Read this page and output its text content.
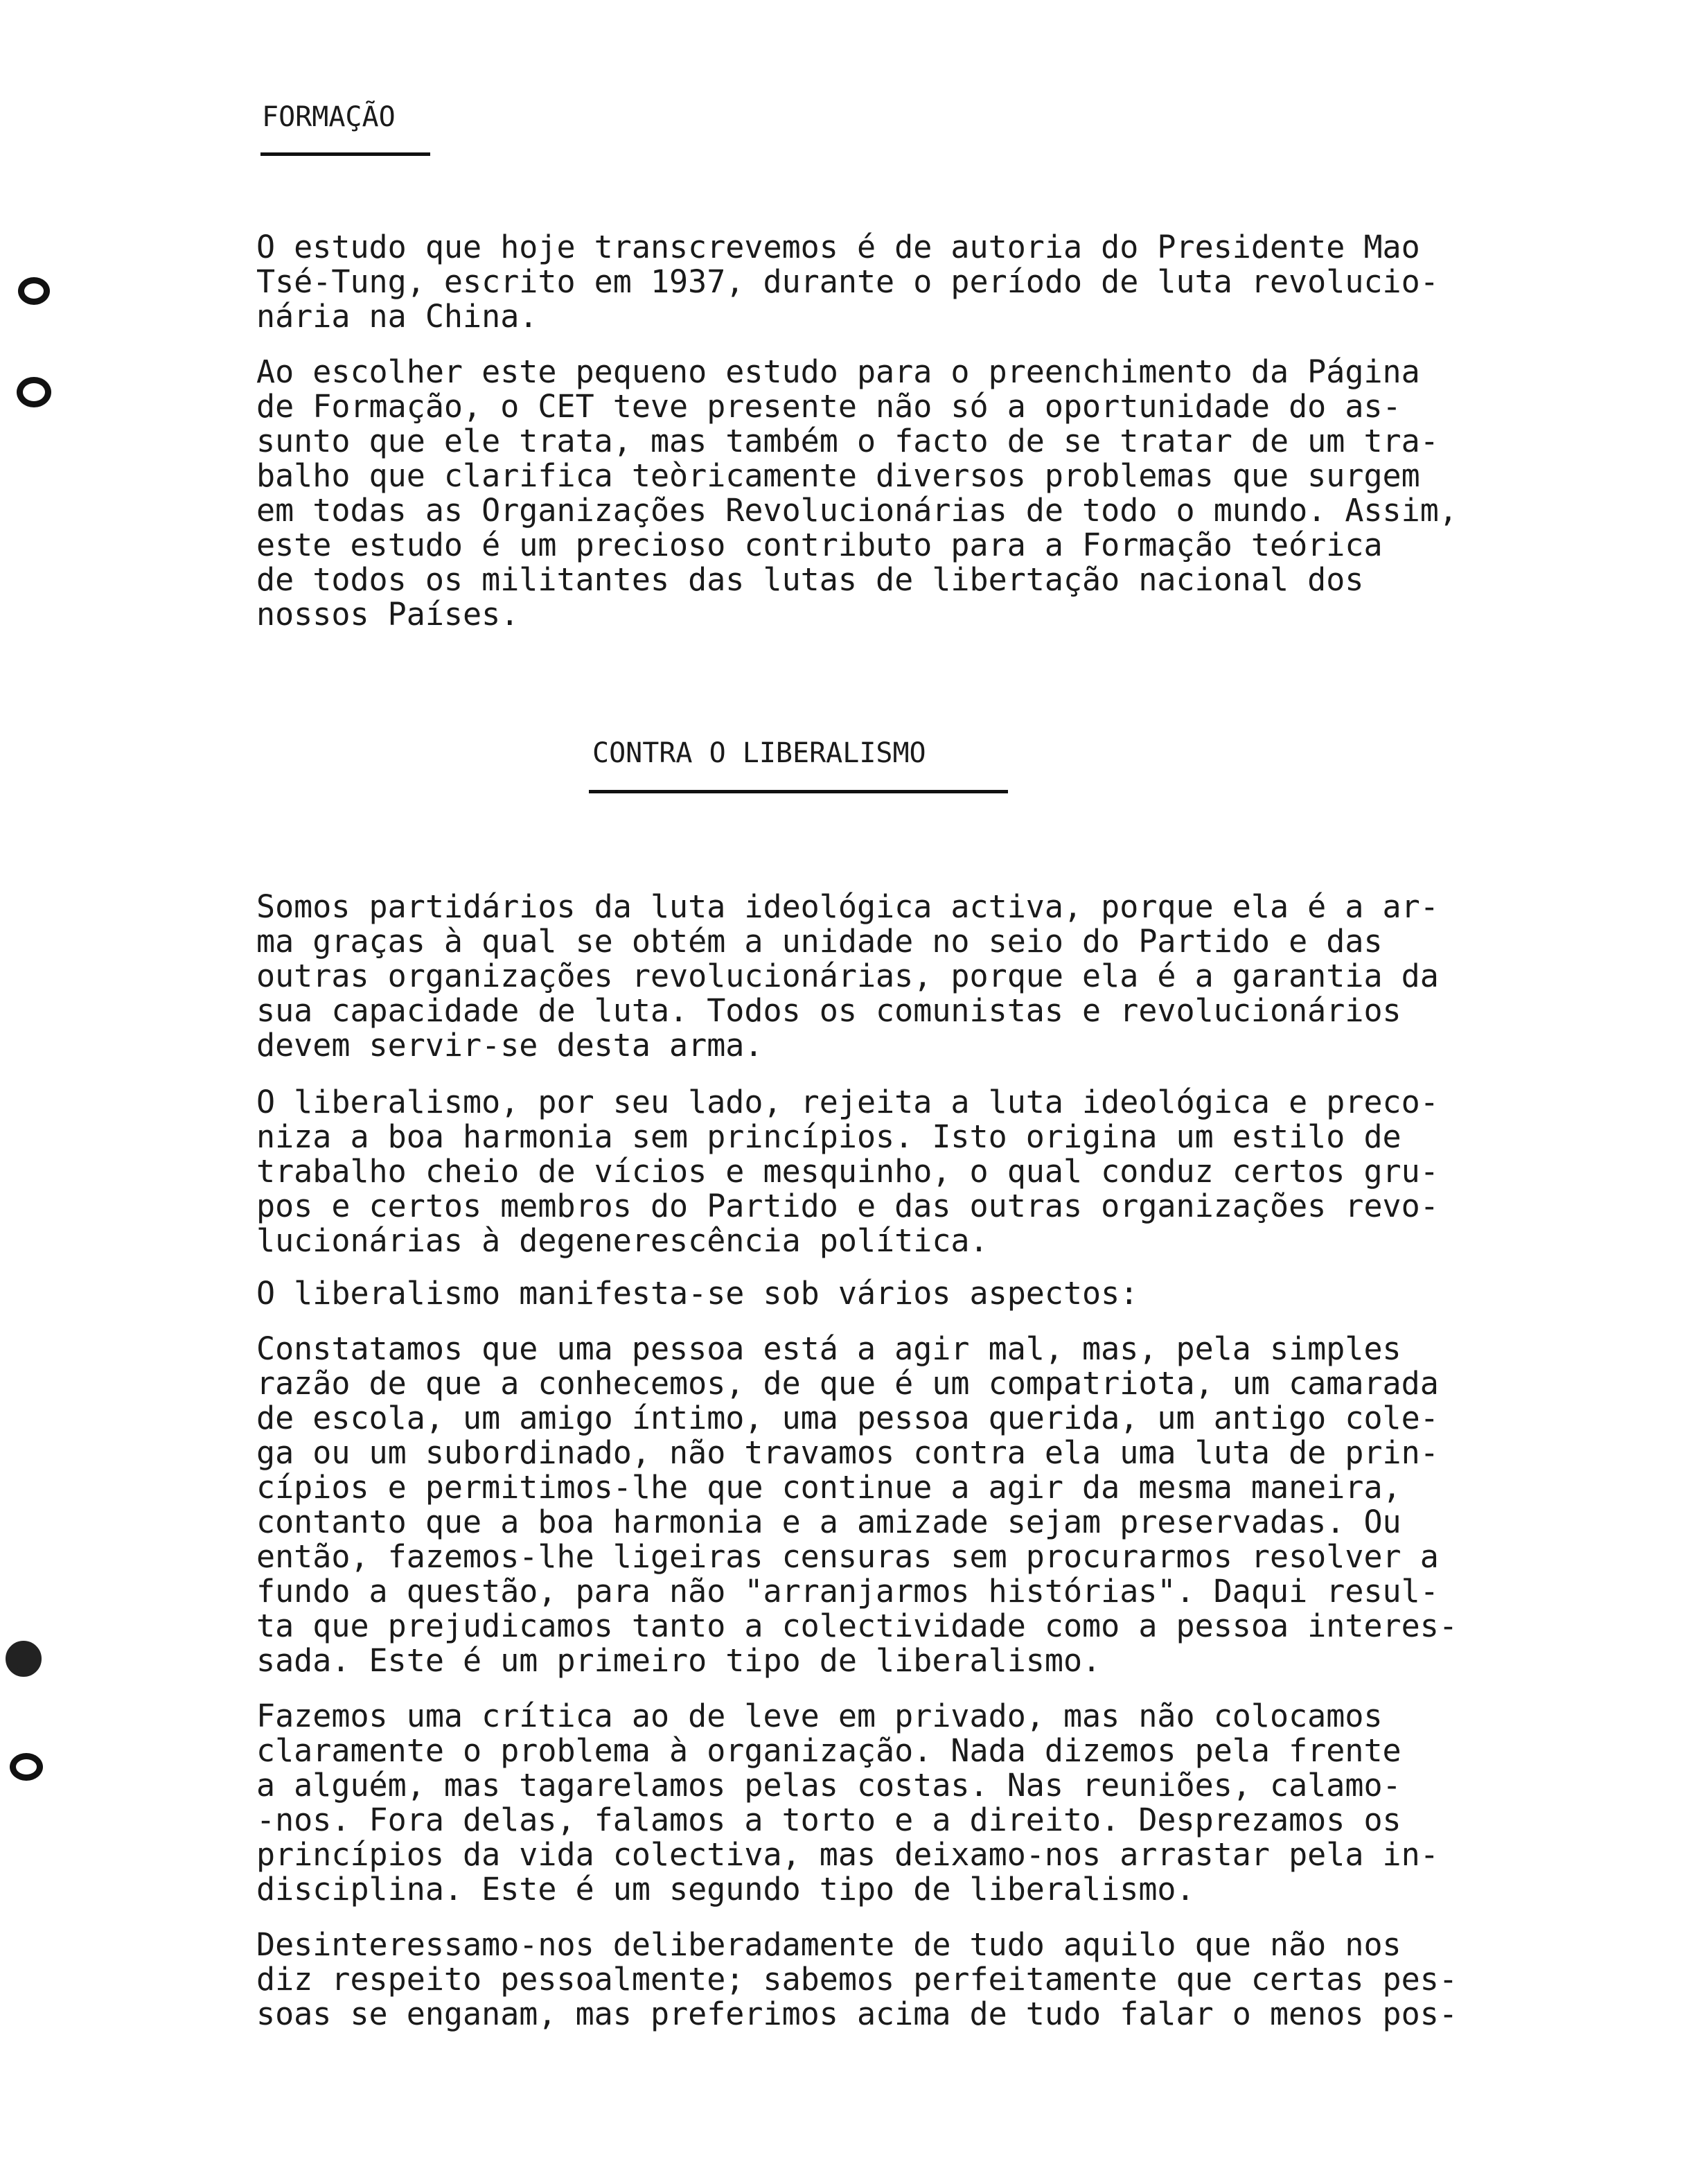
FORMAÇÃO
O estudo que hoje transcrevemos é de autoria do Presidente Mao
Tsé-Tung, escrito em 1937, durante o período de luta revolucio-
nária na China.
Ao escolher este pequeno estudo para o preenchimento da Página
de Formação, o CET teve presente não só a oportunidade do as-
sunto que ele trata, mas também o facto de se tratar de um tra-
balho que clarifica teòricamente diversos problemas que surgem
em todas as Organizações Revolucionárias de todo o mundo. Assim,
este estudo é um precioso contributo para a Formação teórica
de todos os militantes das lutas de libertação nacional dos
nossos Países.
CONTRA O LIBERALISMO
Somos partidários da luta ideológica activa, porque ela é a ar-
ma graças à qual se obtém a unidade no seio do Partido e das
outras organizações revolucionárias, porque ela é a garantia da
sua capacidade de luta. Todos os comunistas e revolucionários
devem servir-se desta arma.
O liberalismo, por seu lado, rejeita a luta ideológica e preco-
niza a boa harmonia sem princípios. Isto origina um estilo de
trabalho cheio de vícios e mesquinho, o qual conduz certos gru-
pos e certos membros do Partido e das outras organizações revo-
lucionárias à degenerescência política.
O liberalismo manifesta-se sob vários aspectos:
Constatamos que uma pessoa está a agir mal, mas, pela simples
razão de que a conhecemos, de que é um compatriota, um camarada
de escola, um amigo íntimo, uma pessoa querida, um antigo cole-
ga ou um subordinado, não travamos contra ela uma luta de prin-
cípios e permitimos-lhe que continue a agir da mesma maneira,
contanto que a boa harmonia e a amizade sejam preservadas. Ou
então, fazemos-lhe ligeiras censuras sem procurarmos resolver a
fundo a questão, para não "arranjarmos histórias". Daqui resul-
ta que prejudicamos tanto a colectividade como a pessoa interes-
sada. Este é um primeiro tipo de liberalismo.
Fazemos uma crítica ao de leve em privado, mas não colocamos
claramente o problema à organização. Nada dizemos pela frente
a alguém, mas tagarelamos pelas costas. Nas reuniões, calamo-
-nos. Fora delas, falamos a torto e a direito. Desprezamos os
princípios da vida colectiva, mas deixamo-nos arrastar pela in-
disciplina. Este é um segundo tipo de liberalismo.
Desinteressamo-nos deliberadamente de tudo aquilo que não nos
diz respeito pessoalmente; sabemos perfeitamente que certas pes-
soas se enganam, mas preferimos acima de tudo falar o menos pos-
